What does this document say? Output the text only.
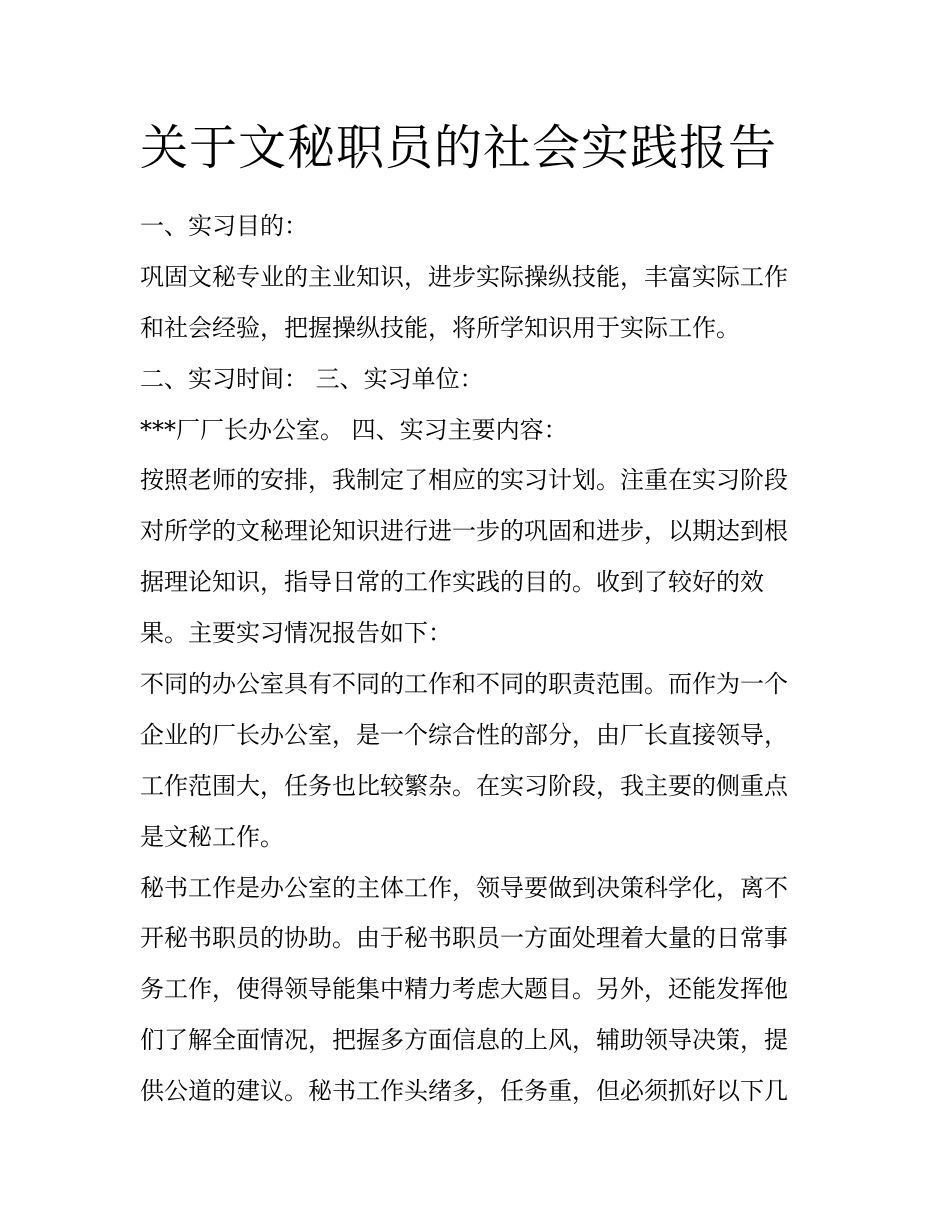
关于文秘职员的社会实践报告
一、实习目的：
巩固文秘专业的主业知识，进步实际操纵技能，丰富实际工作
和社会经验，把握操纵技能，将所学知识用于实际工作。
二、实习时间： 三、实习单位：
***厂厂长办公室。 四、实习主要内容：
按照老师的安排，我制定了相应的实习计划。注重在实习阶段
对所学的文秘理论知识进行进一步的巩固和进步，以期达到根
据理论知识，指导日常的工作实践的目的。收到了较好的效
果。主要实习情况报告如下：
不同的办公室具有不同的工作和不同的职责范围。而作为一个
企业的厂长办公室，是一个综合性的部分，由厂长直接领导，
工作范围大，任务也比较繁杂。在实习阶段，我主要的侧重点
是文秘工作。
秘书工作是办公室的主体工作，领导要做到决策科学化，离不
开秘书职员的协助。由于秘书职员一方面处理着大量的日常事
务工作，使得领导能集中精力考虑大题目。另外，还能发挥他
们了解全面情况，把握多方面信息的上风，辅助领导决策，提
供公道的建议。秘书工作头绪多，任务重，但必须抓好以下几
